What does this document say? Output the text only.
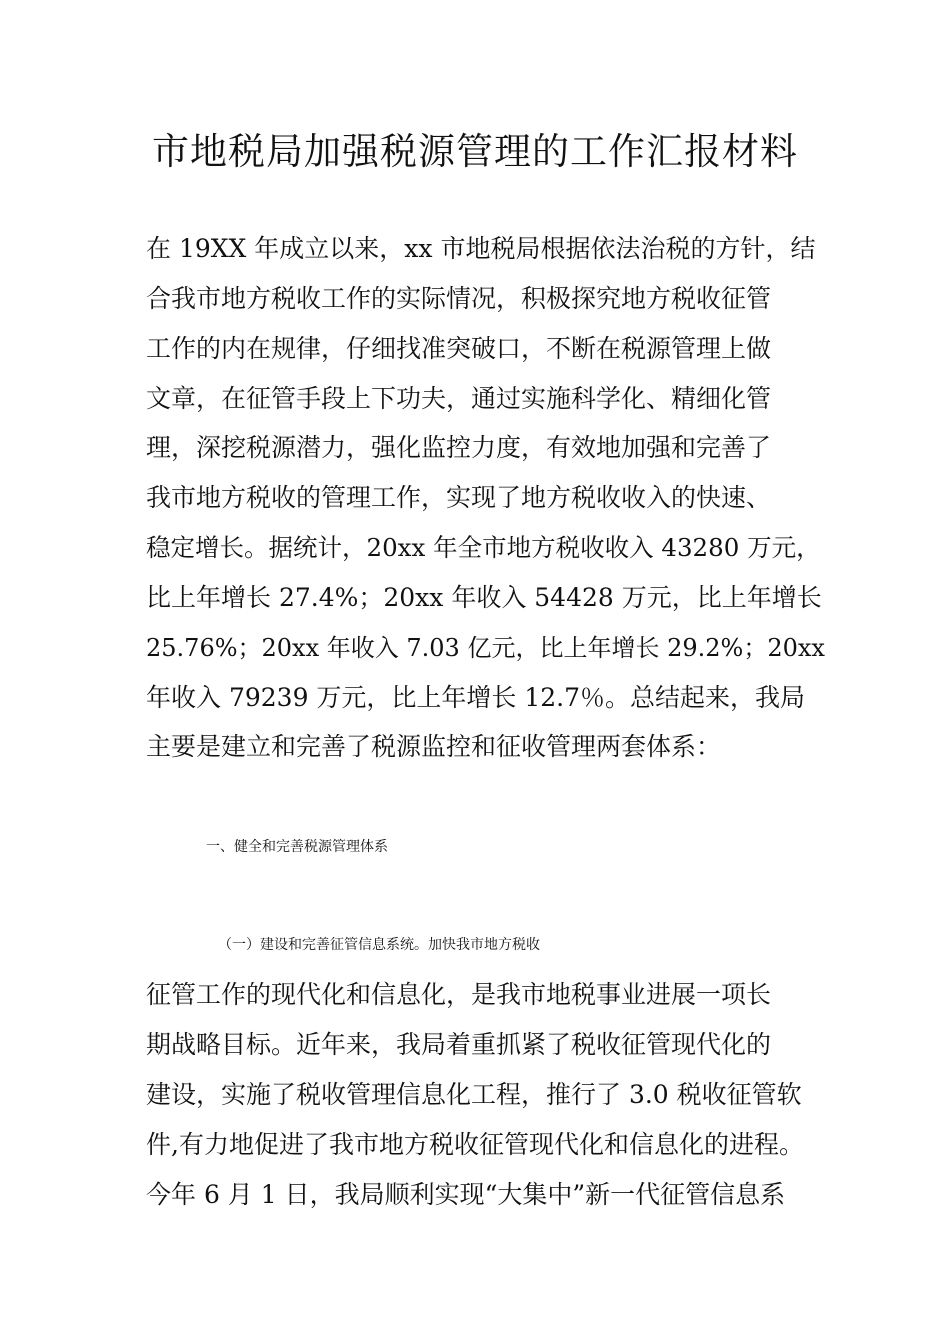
市地税局加强税源管理的工作汇报材料

在 19XX 年成立以来，xx 市地税局根据依法治税的方针，结

合我市地方税收工作的实际情况，积极探究地方税收征管

工作的内在规律，仔细找准突破口，不断在税源管理上做

文章，在征管手段上下功夫，通过实施科学化、精细化管

理，深挖税源潜力，强化监控力度，有效地加强和完善了

我市地方税收的管理工作，实现了地方税收收入的快速、

稳定增长。据统计，20xx 年全市地方税收收入 43280 万元，

比上年增长 27.4%；20xx 年收入 54428 万元，比上年增长

25.76%；20xx 年收入 7.03 亿元，比上年增长 29.2%；20xx

年收入 79239 万元，比上年增长 12.7％。总结起来，我局

主要是建立和完善了税源监控和征收管理两套体系：

一、健全和完善税源管理体系

（一）建设和完善征管信息系统。加快我市地方税收

征管工作的现代化和信息化，是我市地税事业进展一项长

期战略目标。近年来，我局着重抓紧了税收征管现代化的

建设，实施了税收管理信息化工程，推行了 3.0 税收征管软

件,有力地促进了我市地方税收征管现代化和信息化的进程。

今年 6 月 1 日，我局顺利实现“大集中”新一代征管信息系
